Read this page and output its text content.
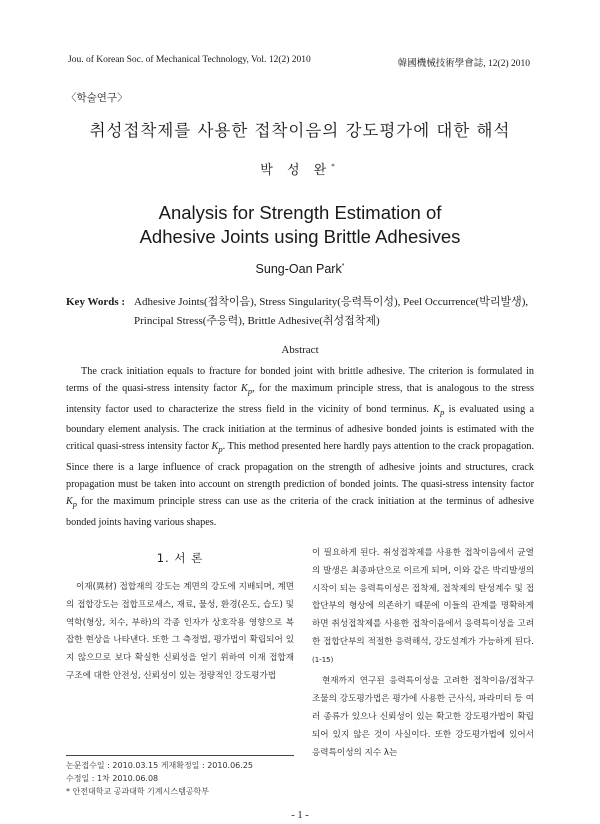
Jou. of Korean Soc. of Mechanical Technology, Vol. 12(2) 2010	韓國機械技術學會誌, 12(2) 2010
〈학술연구〉
취성접착제를 사용한 접착이음의 강도평가에 대한 해석
박 성 완*
Analysis for Strength Estimation of
Adhesive Joints using Brittle Adhesives
Sung-Oan Park*
Key Words : Adhesive Joints(접착이음), Stress Singularity(응력특이성), Peel Occurrence(박리발생), Principal Stress(주응력), Brittle Adhesive(취성접착제)
Abstract
The crack initiation equals to fracture for bonded joint with brittle adhesive. The criterion is formulated in terms of the quasi-stress intensity factor $K_p$, for the maximum principle stress, that is analogous to the stress intensity factor used to characterize the stress field in the vicinity of bond terminus. $K_p$ is evaluated using a boundary element analysis. The crack initiation at the terminus of adhesive bonded joints is estimated with the critical quasi-stress intensity factor $K_p$. This method presented here hardly pays attention to the crack propagation. Since there is a large influence of crack propagation on the strength of adhesive joints and structures, crack propagation must be taken into account on strength prediction of bonded joints. The quasi-stress intensity factor $K_p$ for the maximum principle stress can use as the criteria of the crack initiation at the terminus of adhesive bonded joints having various shapes.
1. 서 론
이재(異材) 접합재의 강도는 계면의 강도에 지배되며, 계면의 접합강도는 접합프로세스, 재료, 물성, 환경(온도, 습도) 및 역학(형상, 치수, 부하)의 각종 인자가 상호작용 영향으로 복잡한 현상을 나타낸다. 또한 그 측정법, 평가법이 확립되어 있지 않으므로 보다 확실한 신뢰성을 얻기 위하여 이재 접합재구조에 대한 안전성, 신뢰성이 있는 정량적인 강도평가법

이 필요하게 된다. 취성접착제를 사용한 접착이음에서 균열의 발생은 최종파단으로 이르게 되며, 이와 같은 박리발생의 시작이 되는 응력특이성은 접착제, 접착제의 탄성계수 및 접합단부의 형상에 의존하기 때문에 이들의 관계를 명확하게 하면 취성접착제를 사용한 접착이음에서 응력특이성을 고려한 접합단부의 적절한 응력해석, 강도설계가 가능하게 된다.$^{(1-15)}$

현재까지 연구된 응력특이성을 고려한 접착이음/접착구조물의 강도평가법은 평가에 사용한 근사식, 파라미터 등 여러 종류가 있으나 신뢰성이 있는 확고한 강도평가법이 확립되어 있지 않은 것이 사실이다. 또한 강도평가법에 있어서 응력특이성의 지수 λ는

논문접수일 : 2010.03.15 게재확정일 : 2010.06.25
수정일 : 1차 2010.06.08
* 안전대학교 공과대학 기계시스템공학부
- 1 -
